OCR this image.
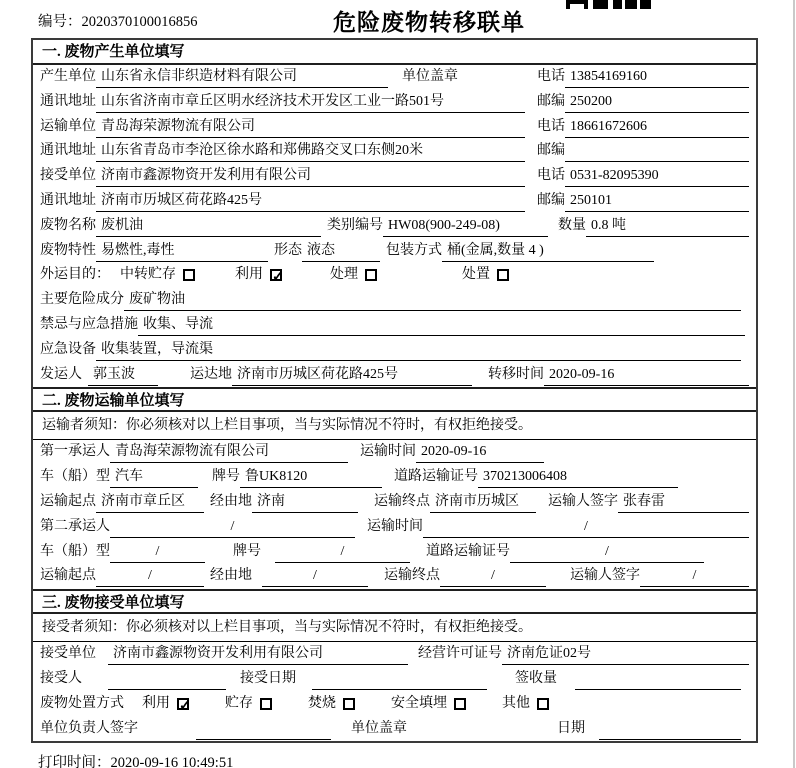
编号：2020370100016856	危险废物转移联单
一. 废物产生单位填写
产生单位 山东省永信非织造材料有限公司	单位盖章	电话 13854169160
通讯地址 山东省济南市章丘区明水经济技术开发区工业一路501号	邮编 250200
运输单位 青岛海荣源物流有限公司	电话 18661672606
通讯地址 山东省青岛市李沧区徐水路和郑佛路交叉口东侧20米	邮编
接受单位 济南市鑫源物资开发利用有限公司	电话 0531-82095390
通讯地址 济南市历城区荷花路425号	邮编 250101
废物名称 废机油	类别编号 HW08(900-249-08)	数量 0.8 吨
废物特性 易燃性,毒性	形态 液态	包装方式 桶(金属,数量 4 )
外运目的： 中转贮存	利用 ✓	处理	处置
主要危险成分 废矿物油
禁忌与应急措施 收集、导流
应急设备 收集装置，导流渠
发运人 郭玉波	运达地 济南市历城区荷花路425号	转移时间 2020-09-16
二. 废物运输单位填写
运输者须知：你必须核对以上栏目事项，当与实际情况不符时，有权拒绝接受。
第一承运人 青岛海荣源物流有限公司	运输时间 2020-09-16
车（船）型 汽车	牌号 鲁UK8120	道路运输证号 370213006408
运输起点 济南市章丘区	经由地 济南	运输终点 济南市历城区	运输人签字 张春雷
第二承运人	/	运输时间	/
车（船）型	/	牌号	/	道路运输证号	/
运输起点	/	经由地	/	运输终点	/	运输人签字	/
三. 废物接受单位填写
接受者须知：你必须核对以上栏目事项，当与实际情况不符时，有权拒绝接受。
接受单位	济南市鑫源物资开发利用有限公司	经营许可证号 济南危证02号
接受人	接受日期	签收量
废物处置方式 利用 ✓	贮存	焚烧	安全填埋	其他
单位负责人签字	单位盖章	日期
打印时间：2020-09-16 10:49:51
